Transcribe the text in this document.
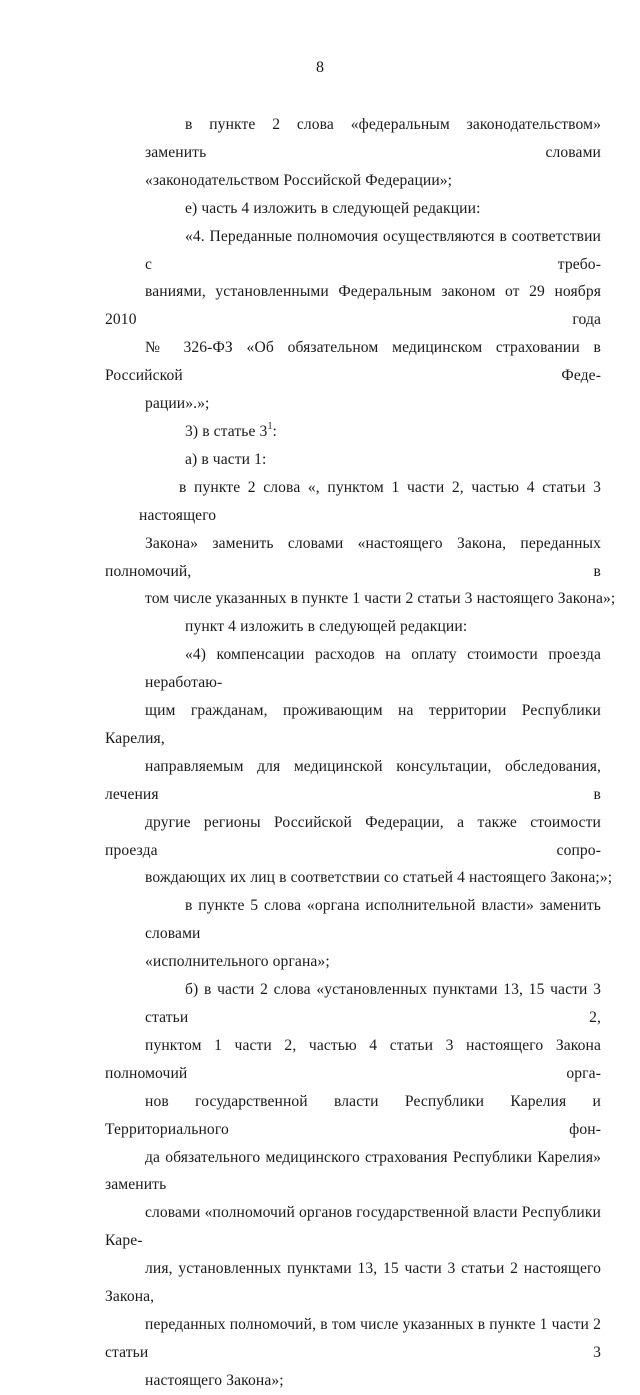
8
в пункте 2 слова «федеральным законодательством» заменить словами
«законодательством Российской Федерации»;
е) часть 4 изложить в следующей редакции:
«4. Переданные полномочия осуществляются в соответствии с требо-
ваниями, установленными Федеральным законом от 29 ноября 2010 года
№ 326-ФЗ «Об обязательном медицинском страховании в Российской Феде-
рации».»;
3) в статье $3^1$:
а) в части 1:
в пункте 2 слова «, пунктом 1 части 2, частью 4 статьи 3 настоящего
Закона» заменить словами «настоящего Закона, переданных полномочий, в
том числе указанных в пункте 1 части 2 статьи 3 настоящего Закона»;
пункт 4 изложить в следующей редакции:
«4) компенсации расходов на оплату стоимости проезда неработаю-
щим гражданам, проживающим на территории Республики Карелия,
направляемым для медицинской консультации, обследования, лечения в
другие регионы Российской Федерации, а также стоимости проезда сопро-
вождающих их лиц в соответствии со статьей 4 настоящего Закона;»;
в пункте 5 слова «органа исполнительной власти» заменить словами
«исполнительного органа»;
б) в части 2 слова «установленных пунктами 13, 15 части 3 статьи 2,
пунктом 1 части 2, частью 4 статьи 3 настоящего Закона полномочий орга-
нов государственной власти Республики Карелия и Территориального фон-
да обязательного медицинского страхования Республики Карелия» заменить
словами «полномочий органов государственной власти Республики Каре-
лия, установленных пунктами 13, 15 части 3 статьи 2 настоящего Закона,
переданных полномочий, в том числе указанных в пункте 1 части 2 статьи 3
настоящего Закона»;
